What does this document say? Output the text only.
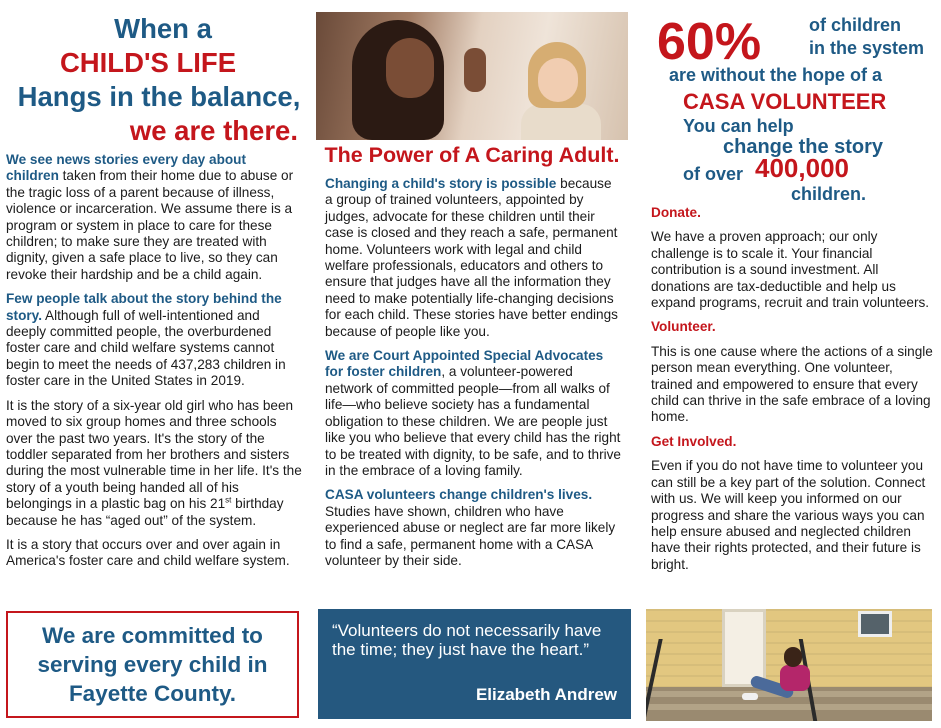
When a
CHILD'S LIFE
Hangs in the balance,
we are there.

We see news stories every day about children taken from their home due to abuse or the tragic loss of a parent because of illness, violence or incarceration. We assume there is a program or system in place to care for these children; to make sure they are treated with dignity, given a safe place to live, so they can revoke their hardship and be a child again.

Few people talk about the story behind the story. Although full of well-intentioned and deeply committed people, the overburdened foster care and child welfare systems cannot begin to meet the needs of 437,283 children in foster care in the United States in 2019.

It is the story of a six-year old girl who has been moved to six group homes and three schools over the past two years. It's the story of the toddler separated from her brothers and sisters during the most vulnerable time in her life. It's the story of a youth being handed all of his belongings in a plastic bag on his 21st birthday because he has “aged out” of the system.

It is a story that occurs over and over again in America's foster care and child welfare system.

The Power of A Caring Adult.

Changing a child's story is possible because a group of trained volunteers, appointed by judges, advocate for these children until their case is closed and they reach a safe, permanent home. Volunteers work with legal and child welfare professionals, educators and others to ensure that judges have all the information they need to make potentially life-changing decisions for each child. These stories have better endings because of people like you.

We are Court Appointed Special Advocates for foster children, a volunteer-powered network of committed people—from all walks of life—who believe society has a fundamental obligation to these children. We are people just like you who believe that every child has the right to be treated with dignity, to be safe, and to thrive in the embrace of a loving family.

CASA volunteers change children's lives.
Studies have shown, children who have experienced abuse or neglect are far more likely to find a safe, permanent home with a CASA volunteer by their side.

60%	of children
in the system
are without the hope of a
CASA VOLUNTEER
You can help
change the story
of over 400,000
children.
Donate.

We have a proven approach; our only challenge is to scale it. Your financial contribution is a sound investment. All donations are tax-deductible and help us expand programs, recruit and train volunteers.

Volunteer.

This is one cause where the actions of a single person mean everything. One volunteer, trained and empowered to ensure that every child can thrive in the safe embrace of a loving home.

Get Involved.

Even if you do not have time to volunteer you can still be a key part of the solution. Connect with us. We will keep you informed on our progress and share the various ways you can help ensure abused and neglected children have their rights protected, and their future is bright.

We are committed to serving every child in Fayette County.
“Volunteers do not necessarily have the time; they just have the heart.”
Elizabeth Andrew
